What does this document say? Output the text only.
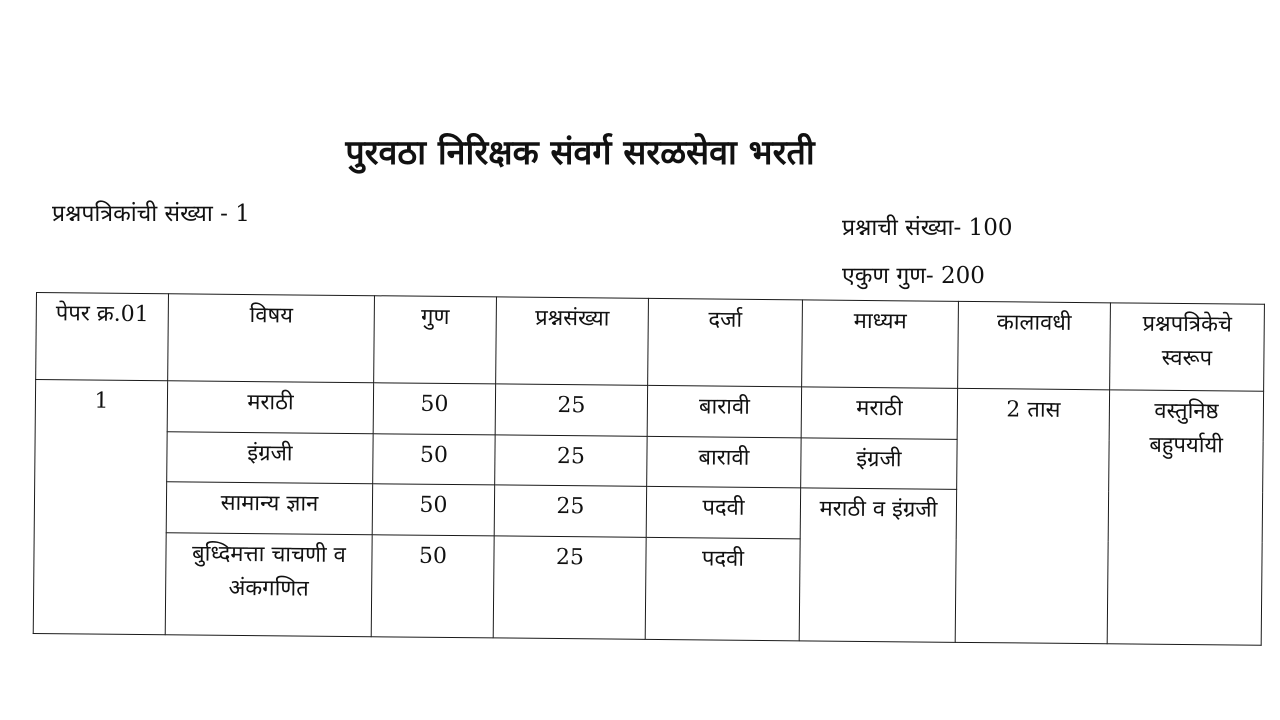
पुरवठा निरिक्षक संवर्ग सरळसेवा भरती
प्रश्नपत्रिकांची संख्या - 1
प्रश्नाची संख्या- 100
एकुण गुण- 200
पेपर क्र.01	विषय	गुण	प्रश्नसंख्या	दर्जा	माध्यम	कालावधी	प्रश्नपत्रिकेचे स्वरूप
1	मराठी	50	25	बारावी	मराठी	2 तास	वस्तुनिष्ठ बहुपर्यायी
	इंग्रजी	50	25	बारावी	इंग्रजी		
	सामान्य ज्ञान	50	25	पदवी	मराठी व इंग्रजी		
	बुध्दिमत्ता चाचणी व अंकगणित	50	25	पदवी			
